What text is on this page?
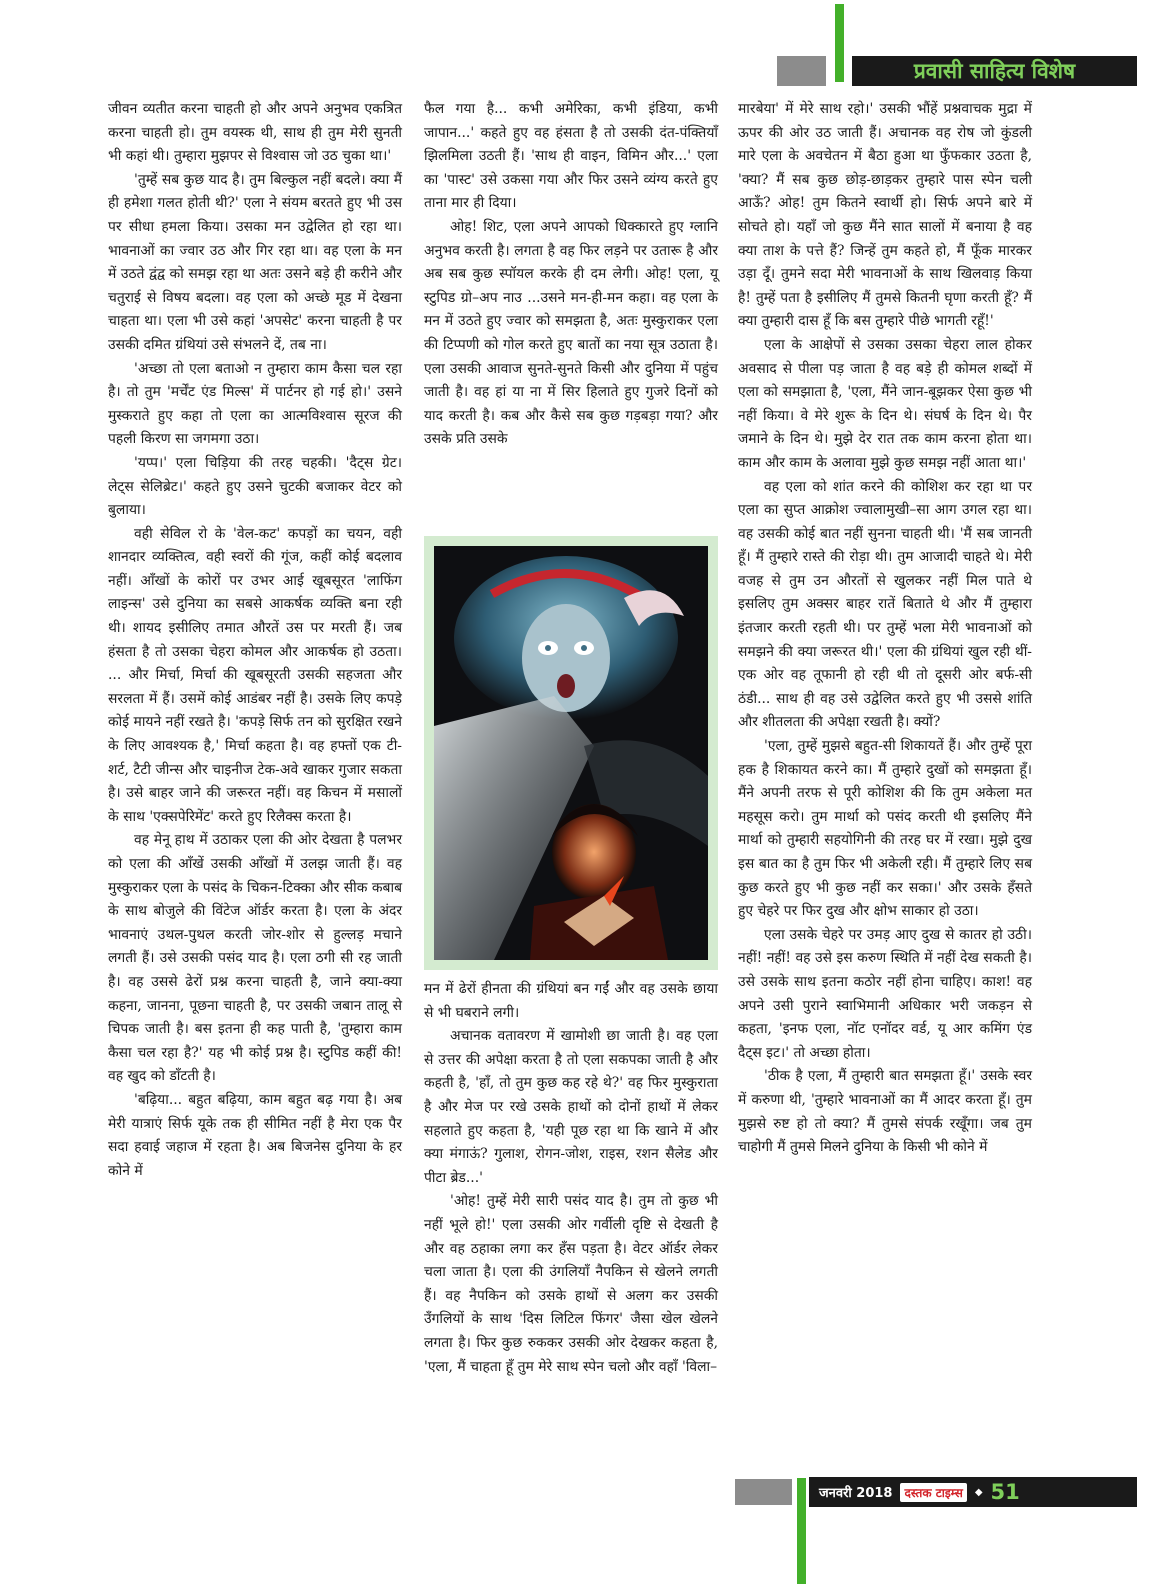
प्रवासी साहित्य विशेष

जीवन व्यतीत करना चाहती हो और अपने अनुभव एकत्रित करना चाहती हो। तुम वयस्क थी, साथ ही तुम मेरी सुनती भी कहां थी। तुम्हारा मुझपर से विश्वास जो उठ चुका था।'

'तुम्हें सब कुछ याद है। तुम बिल्कुल नहीं बदले। क्या मैं ही हमेशा गलत होती थी?' एला ने संयम बरतते हुए भी उस पर सीधा हमला किया। उसका मन उद्वेलित हो रहा था। भावनाओं का ज्वार उठ और गिर रहा था। वह एला के मन में उठते द्वंद्व को समझ रहा था अतः उसने बड़े ही करीने और चतुराई से विषय बदला। वह एला को अच्छे मूड में देखना चाहता था। एला भी उसे कहां 'अपसेट' करना चाहती है पर उसकी दमित ग्रंथियां उसे संभलने दें, तब ना।

'अच्छा तो एला बताओ न तुम्हारा काम कैसा चल रहा है। तो तुम 'मर्चेंट एंड मिल्स' में पार्टनर हो गई हो।' उसने मुस्कराते हुए कहा तो एला का आत्मविश्वास सूरज की पहली किरण सा जगमगा उठा।

'यप्प।' एला चिड़िया की तरह चहकी। 'दैट्स ग्रेट। लेट्स सेलिब्रेट।' कहते हुए उसने चुटकी बजाकर वेटर को बुलाया।

वही सेविल रो के 'वेल-कट' कपड़ों का चयन, वही शानदार व्यक्तित्व, वही स्वरों की गूंज, कहीं कोई बदलाव नहीं। आँखों के कोरों पर उभर आई खूबसूरत 'लाफिंग लाइन्स' उसे दुनिया का सबसे आकर्षक व्यक्ति बना रही थी। शायद इसीलिए तमात औरतें उस पर मरती हैं। जब हंसता है तो उसका चेहरा कोमल और आकर्षक हो उठता। ... और मिर्चा, मिर्चा की खूबसूरती उसकी सहजता और सरलता में हैं। उसमें कोई आडंबर नहीं है। उसके लिए कपड़े कोई मायने नहीं रखते है। 'कपड़े सिर्फ तन को सुरक्षित रखने के लिए आवश्यक है,' मिर्चा कहता है। वह हफ्तों एक टी-शर्ट, टैटी जीन्स और चाइनीज टेक-अवे खाकर गुजार सकता है। उसे बाहर जाने की जरूरत नहीं। वह किचन में मसालों के साथ 'एक्सपेरिमेंट' करते हुए रिलैक्स करता है।

वह मेनू हाथ में उठाकर एला की ओर देखता है पलभर को एला की आँखें उसकी आँखों में उलझ जाती हैं। वह मुस्कुराकर एला के पसंद के चिकन-टिक्का और सीक कबाब के साथ बोजुले की विंटेज ऑर्डर करता है। एला के अंदर भावनाएं उथल-पुथल करती जोर-शोर से हुल्लड़ मचाने लगती हैं। उसे उसकी पसंद याद है। एला ठगी सी रह जाती है। वह उससे ढेरों प्रश्न करना चाहती है, जाने क्या-क्या कहना, जानना, पूछना चाहती है, पर उसकी जबान तालू से चिपक जाती है। बस इतना ही कह पाती है, 'तुम्हारा काम कैसा चल रहा है?' यह भी कोई प्रश्न है। स्टुपिड कहीं की! वह खुद को डाँटती है।

'बढ़िया... बहुत बढ़िया, काम बहुत बढ़ गया है। अब मेरी यात्राएं सिर्फ यूके तक ही सीमित नहीं है मेरा एक पैर सदा हवाई जहाज में रहता है। अब बिजनेस दुनिया के हर कोने में

फैल गया है... कभी अमेरिका, कभी इंडिया, कभी जापान...' कहते हुए वह हंसता है तो उसकी दंत-पंक्तियाँ झिलमिला उठती हैं। 'साथ ही वाइन, विमिन और...' एला का 'पास्ट' उसे उकसा गया और फिर उसने व्यंग्य करते हुए ताना मार ही दिया।

ओह! शिट, एला अपने आपको धिक्कारते हुए ग्लानि अनुभव करती है। लगता है वह फिर लड़ने पर उतारू है और अब सब कुछ स्पॉयल करके ही दम लेगी। ओह! एला, यू स्टुपिड ग्रो–अप नाउ ...उसने मन-ही-मन कहा। वह एला के मन में उठते हुए ज्वार को समझता है, अतः मुस्कुराकर एला की टिप्पणी को गोल करते हुए बातों का नया सूत्र उठाता है। एला उसकी आवाज सुनते-सुनते किसी और दुनिया में पहुंच जाती है। वह हां या ना में सिर हिलाते हुए गुजरे दिनों को याद करती है। कब और कैसे सब कुछ गड़बड़ा गया? और उसके प्रति उसके

मन में ढेरों हीनता की ग्रंथियां बन गईं और वह उसके छाया से भी घबराने लगी।

अचानक वतावरण में खामोशी छा जाती है। वह एला से उत्तर की अपेक्षा करता है तो एला सकपका जाती है और कहती है, 'हाँ, तो तुम कुछ कह रहे थे?' वह फिर मुस्कुराता है और मेज पर रखे उसके हाथों को दोनों हाथों में लेकर सहलाते हुए कहता है, 'यही पूछ रहा था कि खाने में और क्या मंगाऊं? गुलाश, रोगन-जोश, राइस, रशन सैलेड और पीटा ब्रेड...'

'ओह! तुम्हें मेरी सारी पसंद याद है। तुम तो कुछ भी नहीं भूले हो!' एला उसकी ओर गर्वीली दृष्टि से देखती है और वह ठहाका लगा कर हँस पड़ता है। वेटर ऑर्डर लेकर चला जाता है। एला की उंगलियाँ नैपकिन से खेलने लगती हैं। वह नैपकिन को उसके हाथों से अलग कर उसकी उँगलियों के साथ 'दिस लिटिल फिंगर' जैसा खेल खेलने लगता है। फिर कुछ रुककर उसकी ओर देखकर कहता है, 'एला, मैं चाहता हूँ तुम मेरे साथ स्पेन चलो और वहाँ 'विला–

मारबेया' में मेरे साथ रहो।' उसकी भौंहें प्रश्नवाचक मुद्रा में ऊपर की ओर उठ जाती हैं। अचानक वह रोष जो कुंडली मारे एला के अवचेतन में बैठा हुआ था फुँफकार उठता है, 'क्या? मैं सब कुछ छोड़-छाड़कर तुम्हारे पास स्पेन चली आऊँ? ओह! तुम कितने स्वार्थी हो। सिर्फ अपने बारे में सोचते हो। यहाँ जो कुछ मैंने सात सालों में बनाया है वह क्या ताश के पत्ते हैं? जिन्हें तुम कहते हो, मैं फूँक मारकर उड़ा दूँ। तुमने सदा मेरी भावनाओं के साथ खिलवाड़ किया है! तुम्हें पता है इसीलिए मैं तुमसे कितनी घृणा करती हूँ? मैं क्या तुम्हारी दास हूँ कि बस तुम्हारे पीछे भागती रहूँ!'

एला के आक्षेपों से उसका उसका चेहरा लाल होकर अवसाद से पीला पड़ जाता है वह बड़े ही कोमल शब्दों में एला को समझाता है, 'एला, मैंने जान-बूझकर ऐसा कुछ भी नहीं किया। वे मेरे शुरू के दिन थे। संघर्ष के दिन थे। पैर जमाने के दिन थे। मुझे देर रात तक काम करना होता था। काम और काम के अलावा मुझे कुछ समझ नहीं आता था।'

वह एला को शांत करने की कोशिश कर रहा था पर एला का सुप्त आक्रोश ज्वालामुखी–सा आग उगल रहा था। वह उसकी कोई बात नहीं सुनना चाहती थी। 'मैं सब जानती हूँ। मैं तुम्हारे रास्ते की रोड़ा थी। तुम आजादी चाहते थे। मेरी वजह से तुम उन औरतों से खुलकर नहीं मिल पाते थे इसलिए तुम अक्सर बाहर रातें बिताते थे और मैं तुम्हारा इंतजार करती रहती थी। पर तुम्हें भला मेरी भावनाओं को समझने की क्या जरूरत थी।' एला की ग्रंथियां खुल रही थीं- एक ओर वह तूफानी हो रही थी तो दूसरी ओर बर्फ-सी ठंडी... साथ ही वह उसे उद्वेलित करते हुए भी उससे शांति और शीतलता की अपेक्षा रखती है। क्यों?

'एला, तुम्हें मुझसे बहुत-सी शिकायतें हैं। और तुम्हें पूरा हक है शिकायत करने का। मैं तुम्हारे दुखों को समझता हूँ। मैंने अपनी तरफ से पूरी कोशिश की कि तुम अकेला मत महसूस करो। तुम मार्था को पसंद करती थी इसलिए मैंने मार्था को तुम्हारी सहयोगिनी की तरह घर में रखा। मुझे दुख इस बात का है तुम फिर भी अकेली रही। मैं तुम्हारे लिए सब कुछ करते हुए भी कुछ नहीं कर सका।' और उसके हँसते हुए चेहरे पर फिर दुख और क्षोभ साकार हो उठा।

एला उसके चेहरे पर उमड़ आए दुख से कातर हो उठी। नहीं! नहीं! वह उसे इस करुण स्थिति में नहीं देख सकती है। उसे उसके साथ इतना कठोर नहीं होना चाहिए। काश! वह अपने उसी पुराने स्वाभिमानी अधिकार भरी जकड़न से कहता, 'इनफ एला, नॉट एनॉदर वर्ड, यू आर कमिंग एंड दैट्स इट।' तो अच्छा होता।

'ठीक है एला, मैं तुम्हारी बात समझता हूँ।' उसके स्वर में करुणा थी, 'तुम्हारे भावनाओं का मैं आदर करता हूँ। तुम मुझसे रुष्ट हो तो क्या? मैं तुमसे संपर्क रखूँगा। जब तुम चाहोगी मैं तुमसे मिलने दुनिया के किसी भी कोने में

जनवरी 2018	दस्तक टाइम्स	◆ 51
